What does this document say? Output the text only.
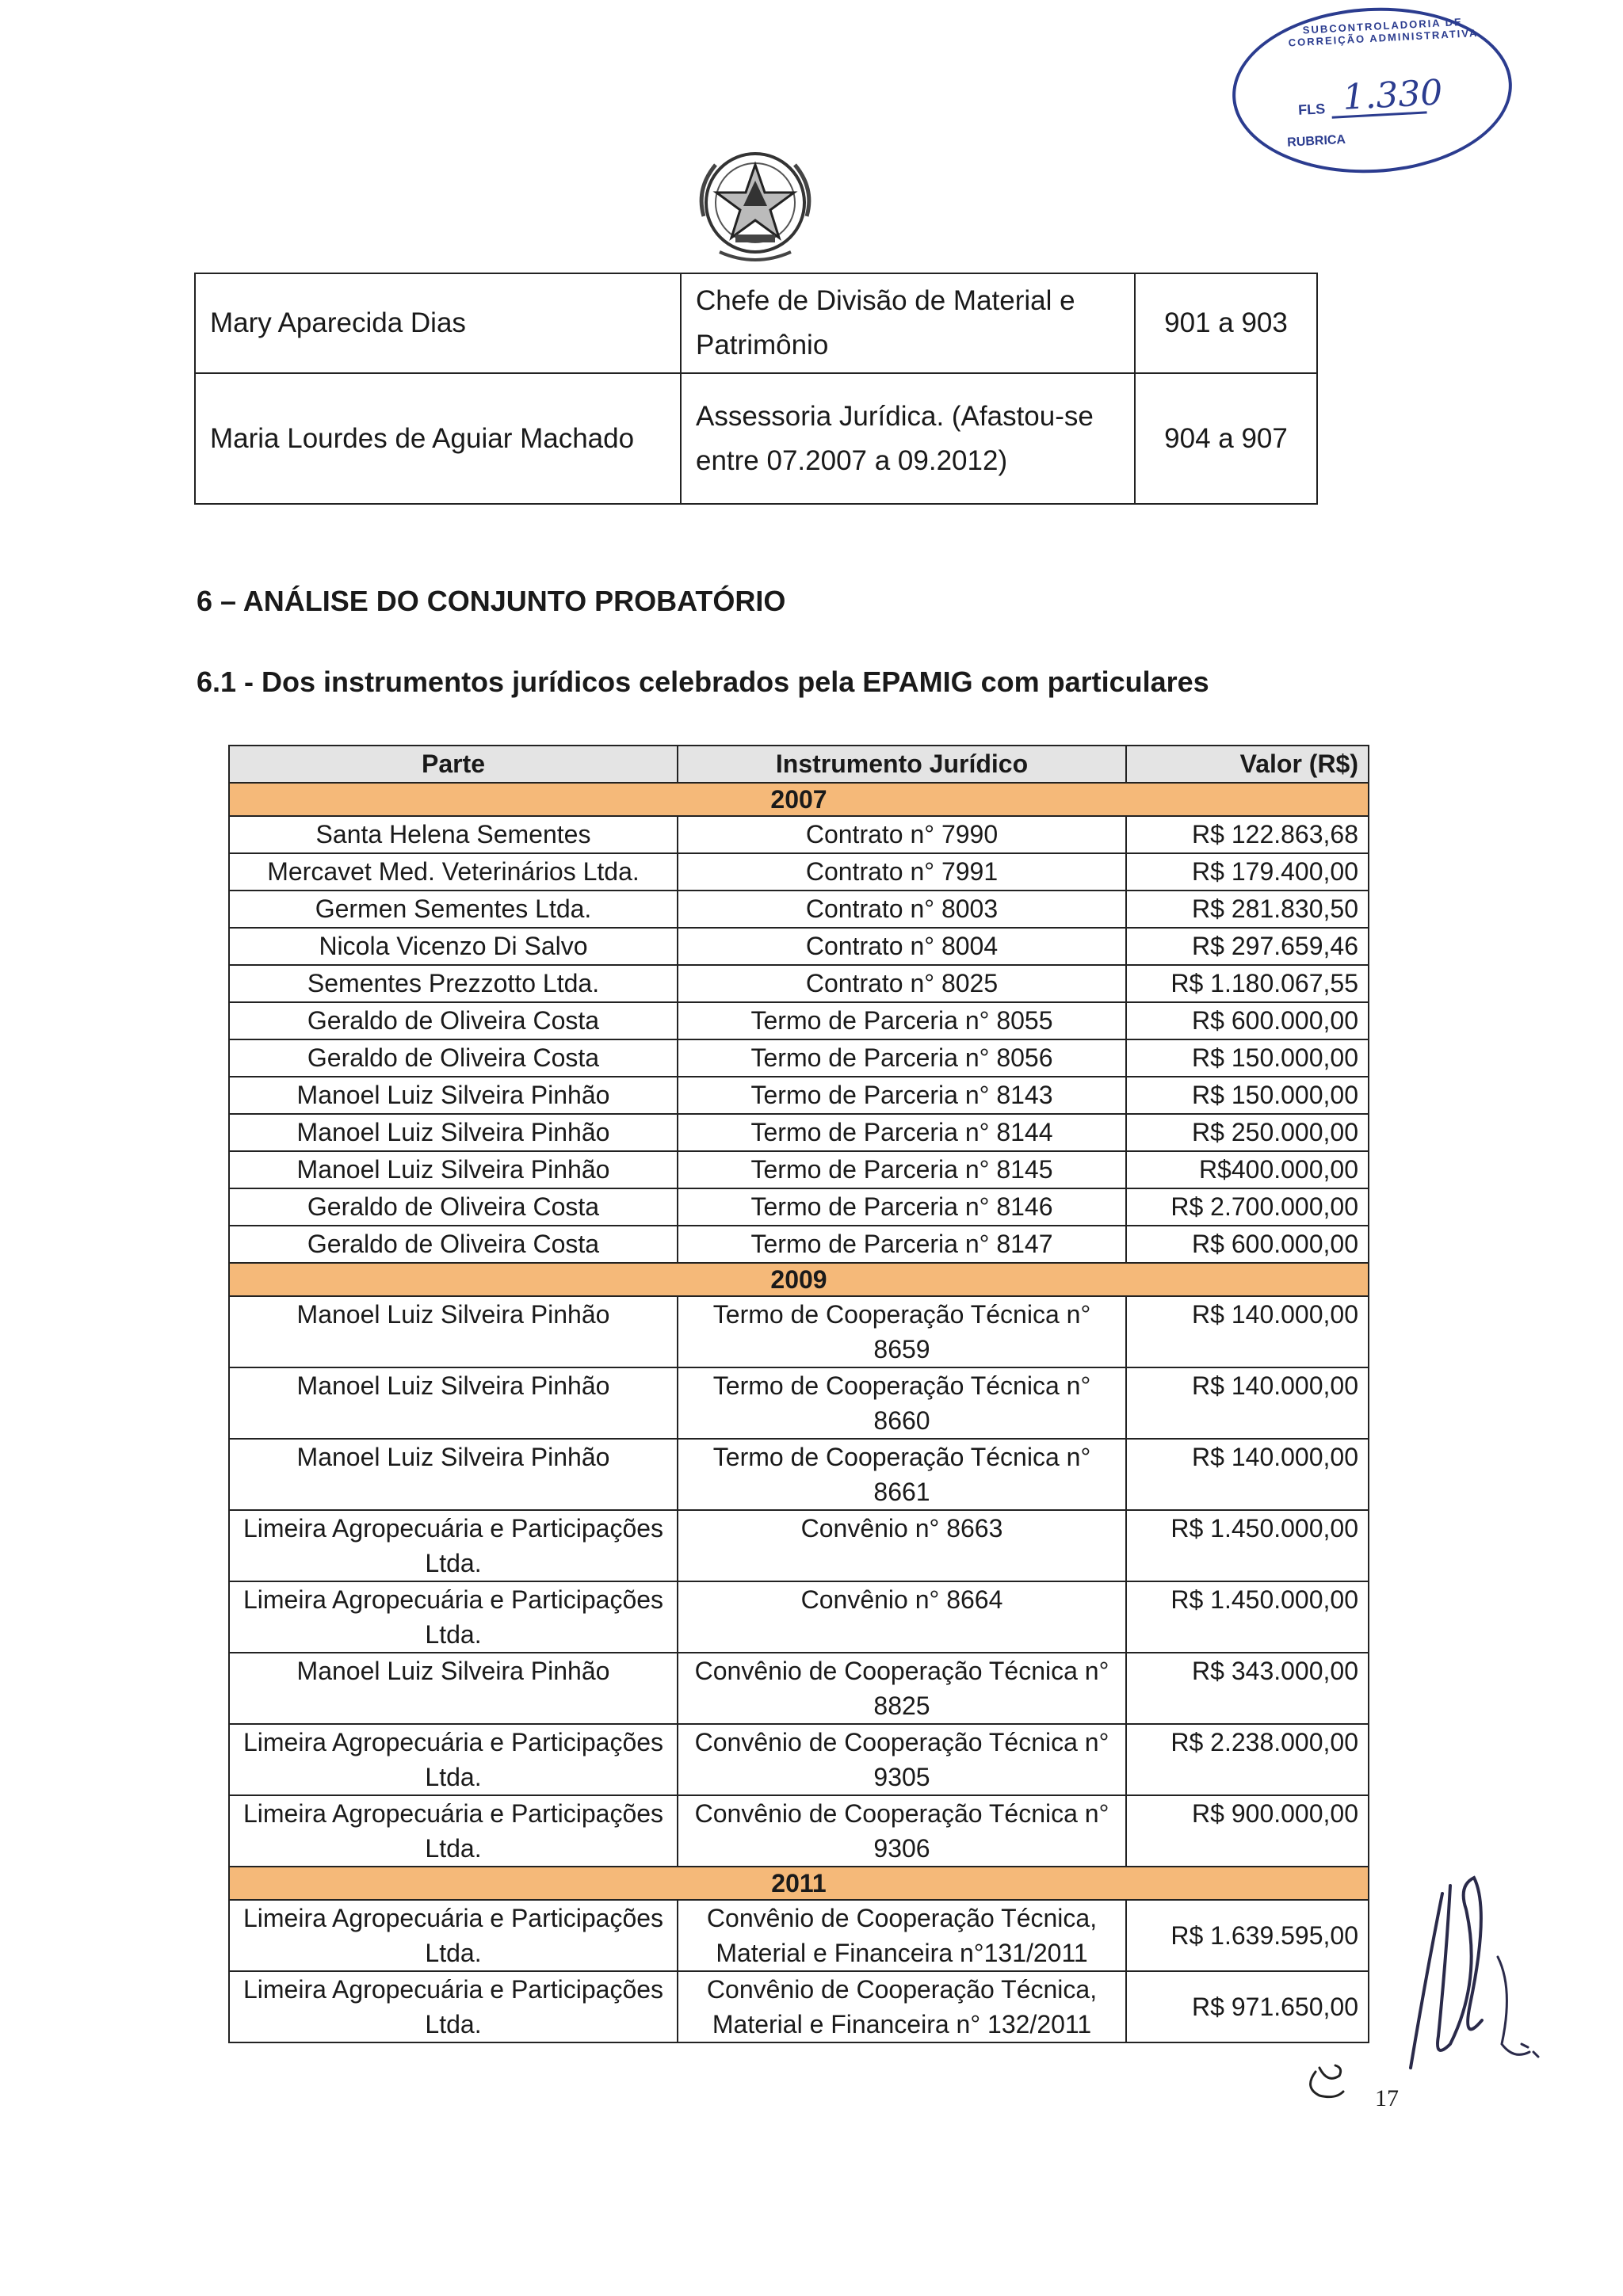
SUBCONTROLADORIA DE CORREIÇÃO ADMINISTRATIVA
FLS 1.330
RUBRICA
Mary Aparecida Dias	Chefe de Divisão de Material e Patrimônio	901 a 903
Maria Lourdes de Aguiar Machado	Assessoria Jurídica. (Afastou-se entre 07.2007 a 09.2012)	904 a 907
6 – ANÁLISE DO CONJUNTO PROBATÓRIO
6.1 - Dos instrumentos jurídicos celebrados pela EPAMIG com particulares
Parte	Instrumento Jurídico	Valor (R$)
2007		
Santa Helena Sementes	Contrato n° 7990	R$ 122.863,68
Mercavet Med. Veterinários Ltda.	Contrato n° 7991	R$ 179.400,00
Germen Sementes Ltda.	Contrato n° 8003	R$ 281.830,50
Nicola Vicenzo Di Salvo	Contrato n° 8004	R$ 297.659,46
Sementes Prezzotto Ltda.	Contrato n° 8025	R$ 1.180.067,55
Geraldo de Oliveira Costa	Termo de Parceria n° 8055	R$ 600.000,00
Geraldo de Oliveira Costa	Termo de Parceria n° 8056	R$ 150.000,00
Manoel Luiz Silveira Pinhão	Termo de Parceria n° 8143	R$ 150.000,00
Manoel Luiz Silveira Pinhão	Termo de Parceria n° 8144	R$ 250.000,00
Manoel Luiz Silveira Pinhão	Termo de Parceria n° 8145	R$400.000,00
Geraldo de Oliveira Costa	Termo de Parceria n° 8146	R$ 2.700.000,00
Geraldo de Oliveira Costa	Termo de Parceria n° 8147	R$ 600.000,00
2009		
Manoel Luiz Silveira Pinhão	Termo de Cooperação Técnica n° 8659	R$ 140.000,00
Manoel Luiz Silveira Pinhão	Termo de Cooperação Técnica n° 8660	R$ 140.000,00
Manoel Luiz Silveira Pinhão	Termo de Cooperação Técnica n° 8661	R$ 140.000,00
Limeira Agropecuária e Participações Ltda.	Convênio n° 8663	R$ 1.450.000,00
Limeira Agropecuária e Participações Ltda.	Convênio n° 8664	R$ 1.450.000,00
Manoel Luiz Silveira Pinhão	Convênio de Cooperação Técnica n° 8825	R$ 343.000,00
Limeira Agropecuária e Participações Ltda.	Convênio de Cooperação Técnica n° 9305	R$ 2.238.000,00
Limeira Agropecuária e Participações Ltda.	Convênio de Cooperação Técnica n° 9306	R$ 900.000,00
2011		
Limeira Agropecuária e Participações Ltda.	Convênio de Cooperação Técnica, Material e Financeira n°131/2011	R$ 1.639.595,00
Limeira Agropecuária e Participações Ltda.	Convênio de Cooperação Técnica, Material e Financeira n° 132/2011	R$ 971.650,00
17
